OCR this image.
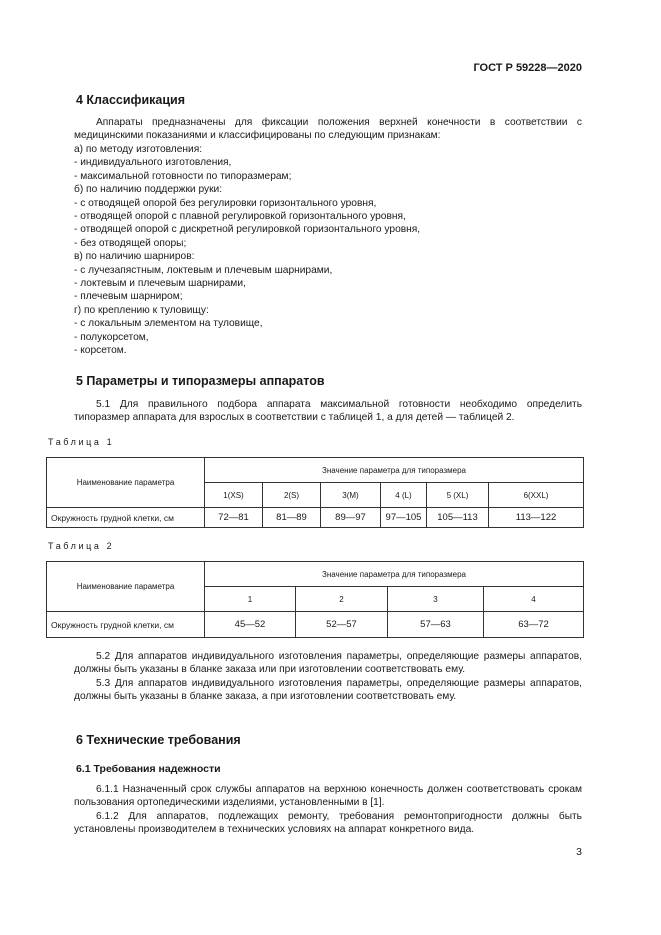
ГОСТ Р 59228—2020
4 Классификация

Аппараты предназначены для фиксации положения верхней конечности в соответствии с медицинскими показаниями и классифицированы по следующим признакам:

а) по методу изготовления:
- индивидуального изготовления,
- максимальной готовности по типоразмерам;
б) по наличию поддержки руки:
- с отводящей опорой без регулировки горизонтального уровня,
- отводящей опорой с плавной регулировкой горизонтального уровня,
- отводящей опорой с дискретной регулировкой горизонтального уровня,
- без отводящей опоры;
в) по наличию шарниров:
- с лучезапястным, локтевым и плечевым шарнирами,
- локтевым и плечевым шарнирами,
- плечевым шарниром;
г) по креплению к туловищу:
- с локальным элементом на туловище,
- полукорсетом,
- корсетом.
5 Параметры и типоразмеры аппаратов

5.1 Для правильного подбора аппарата максимальной готовности необходимо определить типоразмер аппарата для взрослых в соответствии с таблицей 1, а для детей — таблицей 2.

Таблица 1
Наименование параметра	Значение параметра для типоразмера					
	1(XS)	2(S)	3(M)	4 (L)	5 (XL)	6(XXL)
Окружность грудной клетки, см	72—81	81—89	89—97	97—105	105—113	113—122
Таблица 2
Наименование параметра	Значение параметра для типоразмера			
	1	2	3	4
Окружность грудной клетки, см	45—52	52—57	57—63	63—72

5.2 Для аппаратов индивидуального изготовления параметры, определяющие размеры аппаратов, должны быть указаны в бланке заказа или при изготовлении соответствовать ему.

5.3 Для аппаратов индивидуального изготовления параметры, определяющие размеры аппаратов, должны быть указаны в бланке заказа, а при изготовлении соответствовать ему.

6 Технические требования
6.1 Требования надежности

6.1.1 Назначенный срок службы аппаратов на верхнюю конечность должен соответствовать срокам пользования ортопедическими изделиями, установленными в [1].

6.1.2 Для аппаратов, подлежащих ремонту, требования ремонтопригодности должны быть установлены производителем в технических условиях на аппарат конкретного вида.

3
